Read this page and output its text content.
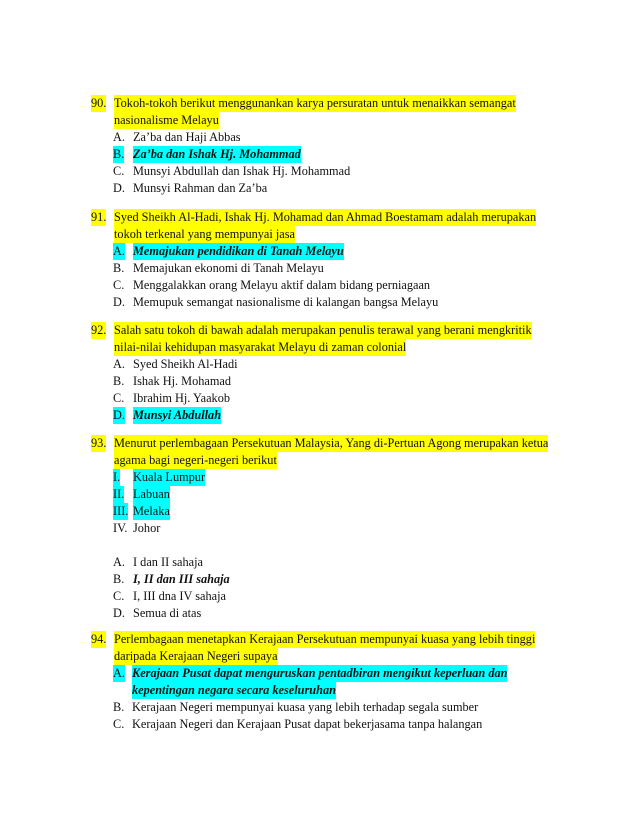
90. Tokoh-tokoh berikut menggunankan karya persuratan untuk menaikkan semangat
nasionalisme Melayu
A. Za’ba dan Haji Abbas
B. Za’ba dan Ishak Hj. Mohammad
C. Munsyi Abdullah dan Ishak Hj. Mohammad
D. Munsyi Rahman dan Za’ba
91. Syed Sheikh Al-Hadi, Ishak Hj. Mohamad dan Ahmad Boestamam adalah merupakan
tokoh terkenal yang mempunyai jasa
A. Memajukan pendidikan di Tanah Melayu
B. Memajukan ekonomi di Tanah Melayu
C. Menggalakkan orang Melayu aktif dalam bidang perniagaan
D. Memupuk semangat nasionalisme di kalangan bangsa Melayu
92. Salah satu tokoh di bawah adalah merupakan penulis terawal yang berani mengkritik
nilai-nilai kehidupan masyarakat Melayu di zaman colonial
A. Syed Sheikh Al-Hadi
B. Ishak Hj. Mohamad
C. Ibrahim Hj. Yaakob
D. Munsyi Abdullah
93. Menurut perlembagaan Persekutuan Malaysia, Yang di-Pertuan Agong merupakan ketua
agama bagi negeri-negeri berikut
I. Kuala Lumpur
II. Labuan
III. Melaka
IV. Johor
A. I dan II sahaja
B. I, II dan III sahaja
C. I, III dna IV sahaja
D. Semua di atas
94. Perlembagaan menetapkan Kerajaan Persekutuan mempunyai kuasa yang lebih tinggi
daripada Kerajaan Negeri supaya
A. Kerajaan Pusat dapat menguruskan pentadbiran mengikut keperluan dan
kepentingan negara secara keseluruhan
B. Kerajaan Negeri mempunyai kuasa yang lebih terhadap segala sumber
C. Kerajaan Negeri dan Kerajaan Pusat dapat bekerjasama tanpa halangan
